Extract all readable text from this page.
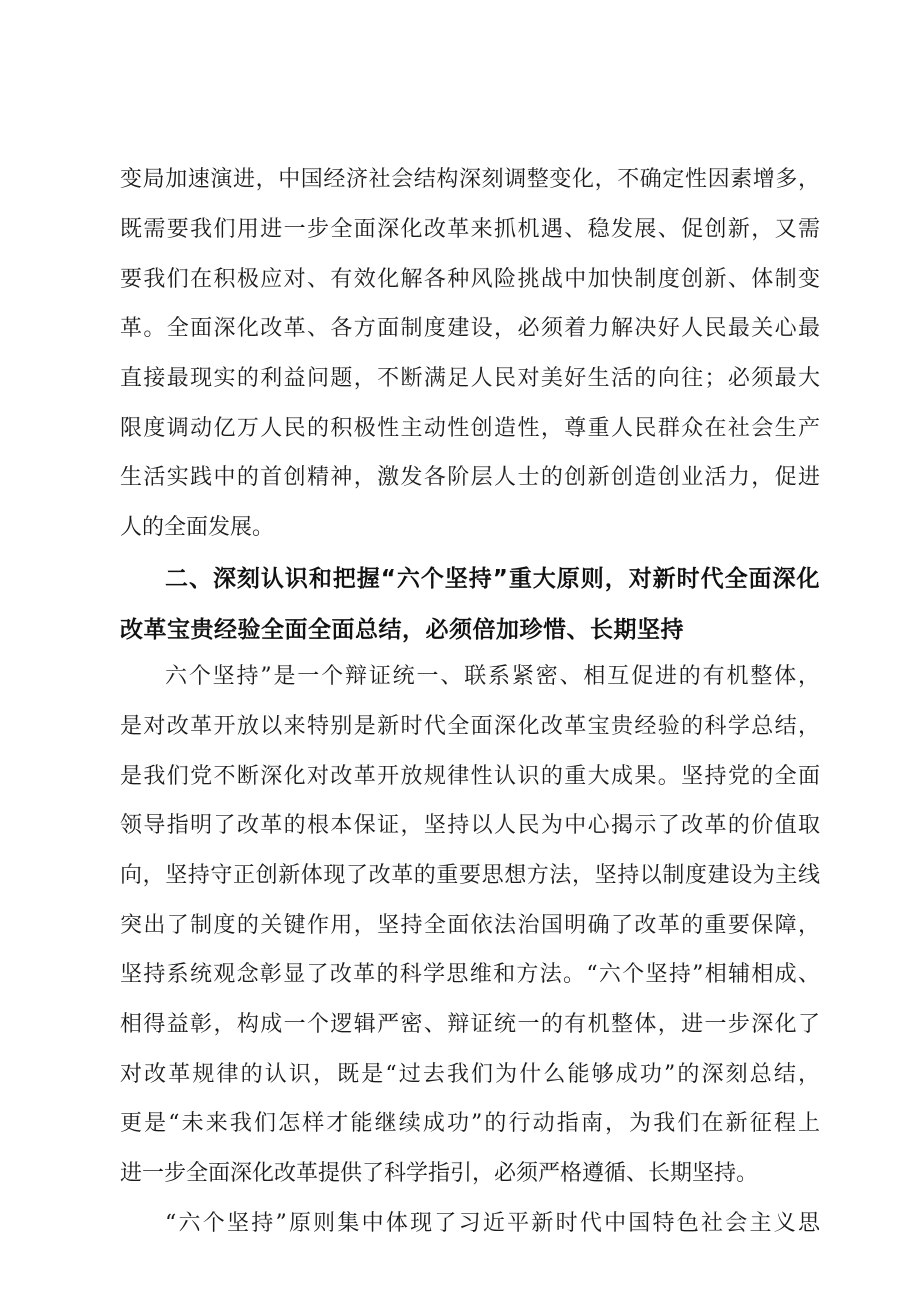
变局加速演进，中国经济社会结构深刻调整变化，不确定性因素增多，
既需要我们用进一步全面深化改革来抓机遇、稳发展、促创新，又需
要我们在积极应对、有效化解各种风险挑战中加快制度创新、体制变
革。全面深化改革、各方面制度建设，必须着力解决好人民最关心最
直接最现实的利益问题，不断满足人民对美好生活的向往；必须最大
限度调动亿万人民的积极性主动性创造性，尊重人民群众在社会生产
生活实践中的首创精神，激发各阶层人士的创新创造创业活力，促进
人的全面发展。
二、深刻认识和把握“六个坚持”重大原则，对新时代全面深化
改革宝贵经验全面全面总结，必须倍加珍惜、长期坚持
六个坚持”是一个辩证统一、联系紧密、相互促进的有机整体，
是对改革开放以来特别是新时代全面深化改革宝贵经验的科学总结，
是我们党不断深化对改革开放规律性认识的重大成果。坚持党的全面
领导指明了改革的根本保证，坚持以人民为中心揭示了改革的价值取
向，坚持守正创新体现了改革的重要思想方法，坚持以制度建设为主线
突出了制度的关键作用，坚持全面依法治国明确了改革的重要保障，
坚持系统观念彰显了改革的科学思维和方法。“六个坚持”相辅相成、
相得益彰，构成一个逻辑严密、辩证统一的有机整体，进一步深化了
对改革规律的认识，既是“过去我们为什么能够成功”的深刻总结，
更是“未来我们怎样才能继续成功”的行动指南，为我们在新征程上
进一步全面深化改革提供了科学指引，必须严格遵循、长期坚持。
“六个坚持”原则集中体现了习近平新时代中国特色社会主义思
